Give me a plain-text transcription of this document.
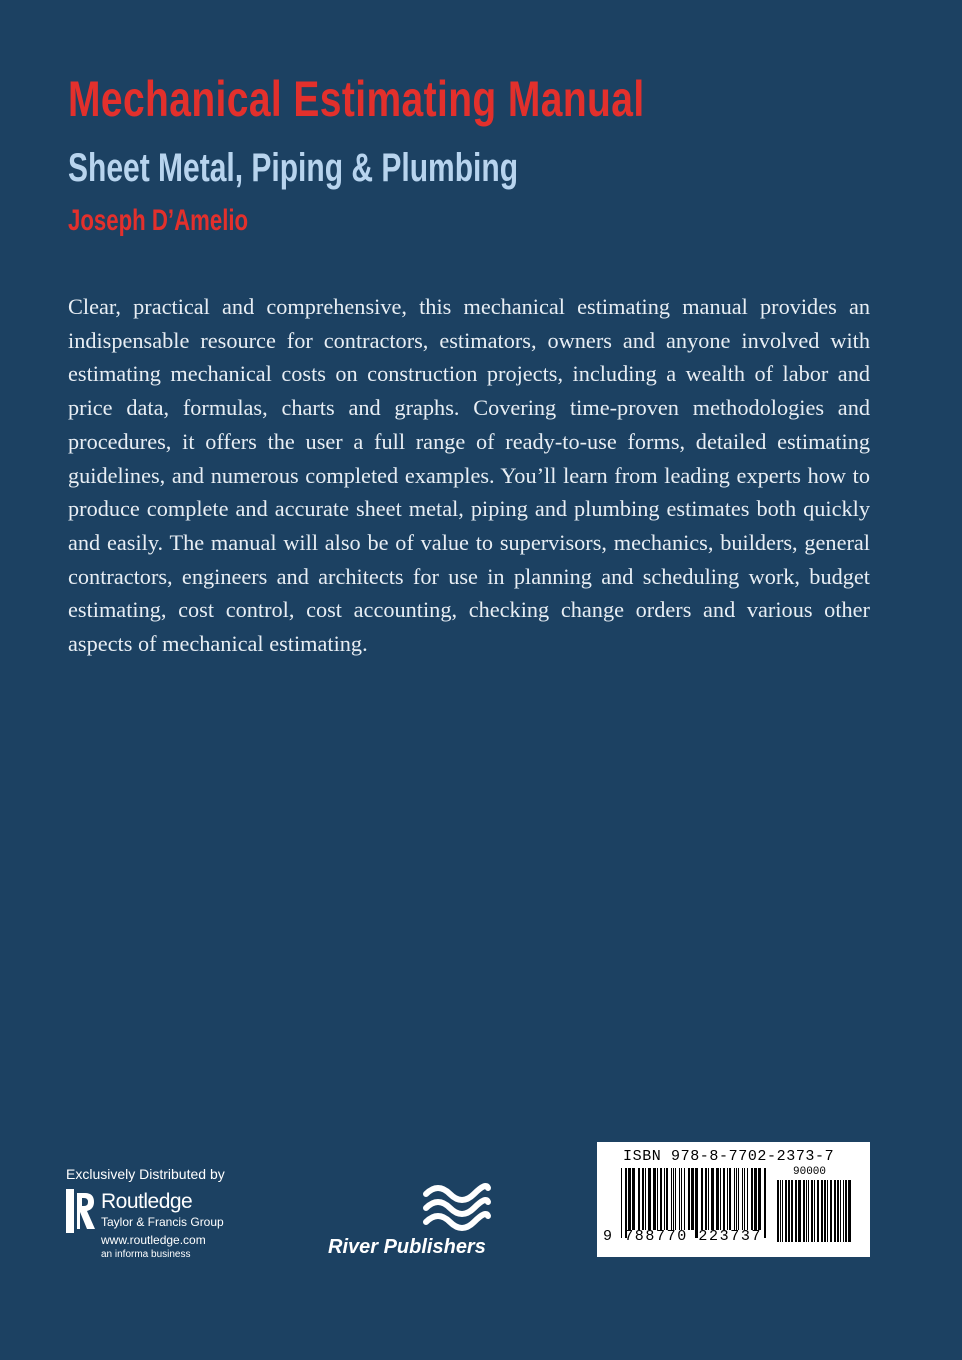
Mechanical Estimating Manual
Sheet Metal, Piping & Plumbing
Joseph D’Amelio

Clear, practical and comprehensive, this mechanical estimating manual provides an indispensable resource for contractors, estimators, owners and anyone involved with estimating mechanical costs on construction projects, including a wealth of labor and price data, formulas, charts and graphs. Covering time-proven methodologies and procedures, it offers the user a full range of ready-to-use forms, detailed estimating guidelines, and numerous completed examples. You’ll learn from leading experts how to produce complete and accurate sheet metal, piping and plumbing estimates both quickly and easily. The manual will also be of value to supervisors, mechanics, builders, general contractors, engineers and architects for use in planning and scheduling work, budget estimating, cost control, cost accounting, checking change orders and various other aspects of mechanical estimating.

Exclusively Distributed by
Routledge
Taylor & Francis Group
www.routledge.com
an informa business	River Publishers
ISBN 978-8-7702-2373-7
90000
9 788770 223737
